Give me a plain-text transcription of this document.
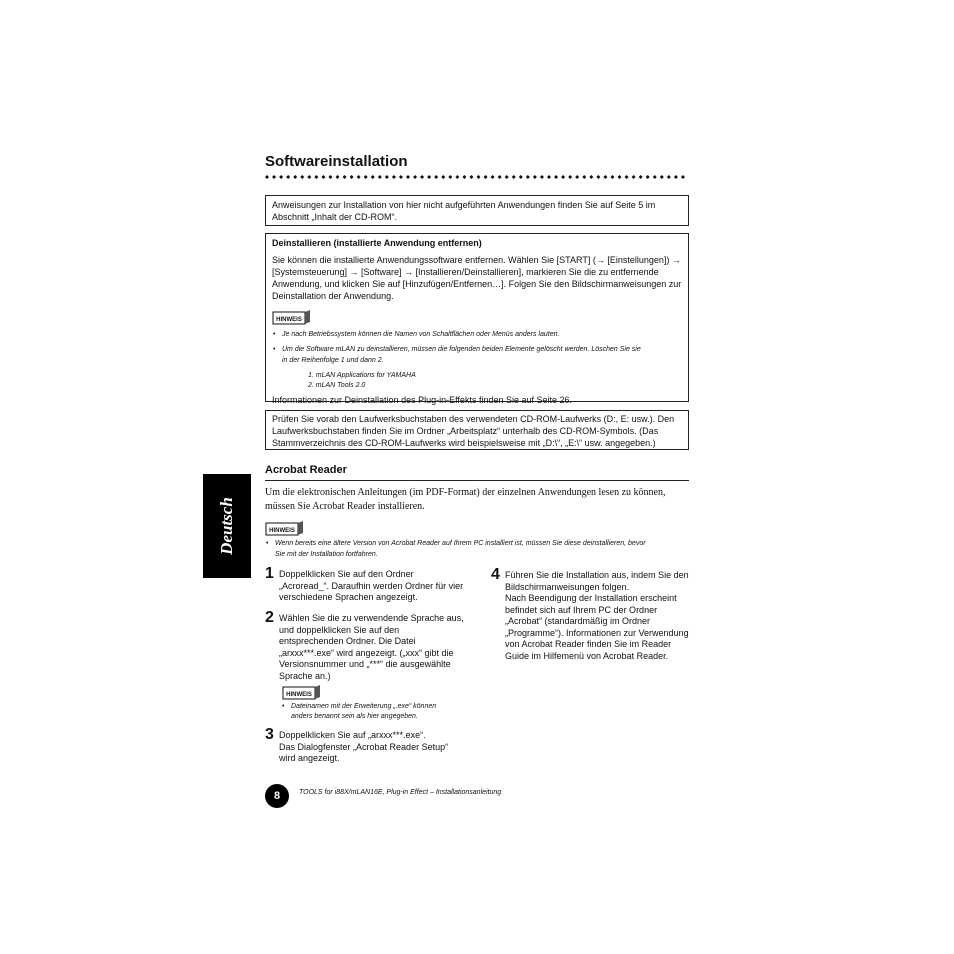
Softwareinstallation
Anweisungen zur Installation von hier nicht aufgeführten Anwendungen finden Sie auf Seite 5 im
Abschnitt „Inhalt der CD-ROM“.
Deinstallieren (installierte Anwendung entfernen)
Sie können die installierte Anwendungssoftware entfernen. Wählen Sie [START] (→ [Einstellungen]) →
[Systemsteuerung] → [Software] → [Installieren/Deinstallieren], markieren Sie die zu entfernende
Anwendung, und klicken Sie auf [Hinzufügen/Entfernen…]. Folgen Sie den Bildschirmanweisungen zur
Deinstallation der Anwendung.
HINWEIS
• Je nach Betriebssystem können die Namen von Schaltflächen oder Menüs anders lauten.
• Um die Software mLAN zu deinstallieren, müssen die folgenden beiden Elemente gelöscht werden. Löschen Sie sie
in der Reihenfolge 1 und dann 2.
1. mLAN Applications for YAMAHA
2. mLAN Tools 2.0
Informationen zur Deinstallation des Plug-in-Effekts finden Sie auf Seite 26.
Prüfen Sie vorab den Laufwerksbuchstaben des verwendeten CD-ROM-Laufwerks (D:, E: usw.). Den
Laufwerksbuchstaben finden Sie im Ordner „Arbeitsplatz“ unterhalb des CD-ROM-Symbols. (Das
Stammverzeichnis des CD-ROM-Laufwerks wird beispielsweise mit „D:\“, „E:\“ usw. angegeben.)
Acrobat Reader
Um die elektronischen Anleitungen (im PDF-Format) der einzelnen Anwendungen lesen zu können,
müssen Sie Acrobat Reader installieren.
HINWEIS
• Wenn bereits eine ältere Version von Acrobat Reader auf Ihrem PC installiert ist, müssen Sie diese deinstallieren, bevor
Sie mit der Installation fortfahren.
Deutsch
1 Doppelklicken Sie auf den Ordner
„Acroread_“. Daraufhin werden Ordner für vier
verschiedene Sprachen angezeigt.
2 Wählen Sie die zu verwendende Sprache aus,
und doppelklicken Sie auf den
entsprechenden Ordner. Die Datei
„arxxx***.exe“ wird angezeigt. („xxx“ gibt die
Versionsnummer und „***“ die ausgewählte
Sprache an.)
HINWEIS
• Dateinamen mit der Erweiterung „.exe“ können
anders benannt sein als hier angegeben.
3 Doppelklicken Sie auf „arxxx***.exe“.
Das Dialogfenster „Acrobat Reader Setup“
wird angezeigt.
4 Führen Sie die Installation aus, indem Sie den
Bildschirmanweisungen folgen.
Nach Beendigung der Installation erscheint
befindet sich auf Ihrem PC der Ordner
„Acrobat“ (standardmäßig im Ordner
„Programme“). Informationen zur Verwendung
von Acrobat Reader finden Sie im Reader
Guide im Hilfemenü von Acrobat Reader.
8	TOOLS for i88X/mLAN16E, Plug-in Effect – Installationsanleitung
